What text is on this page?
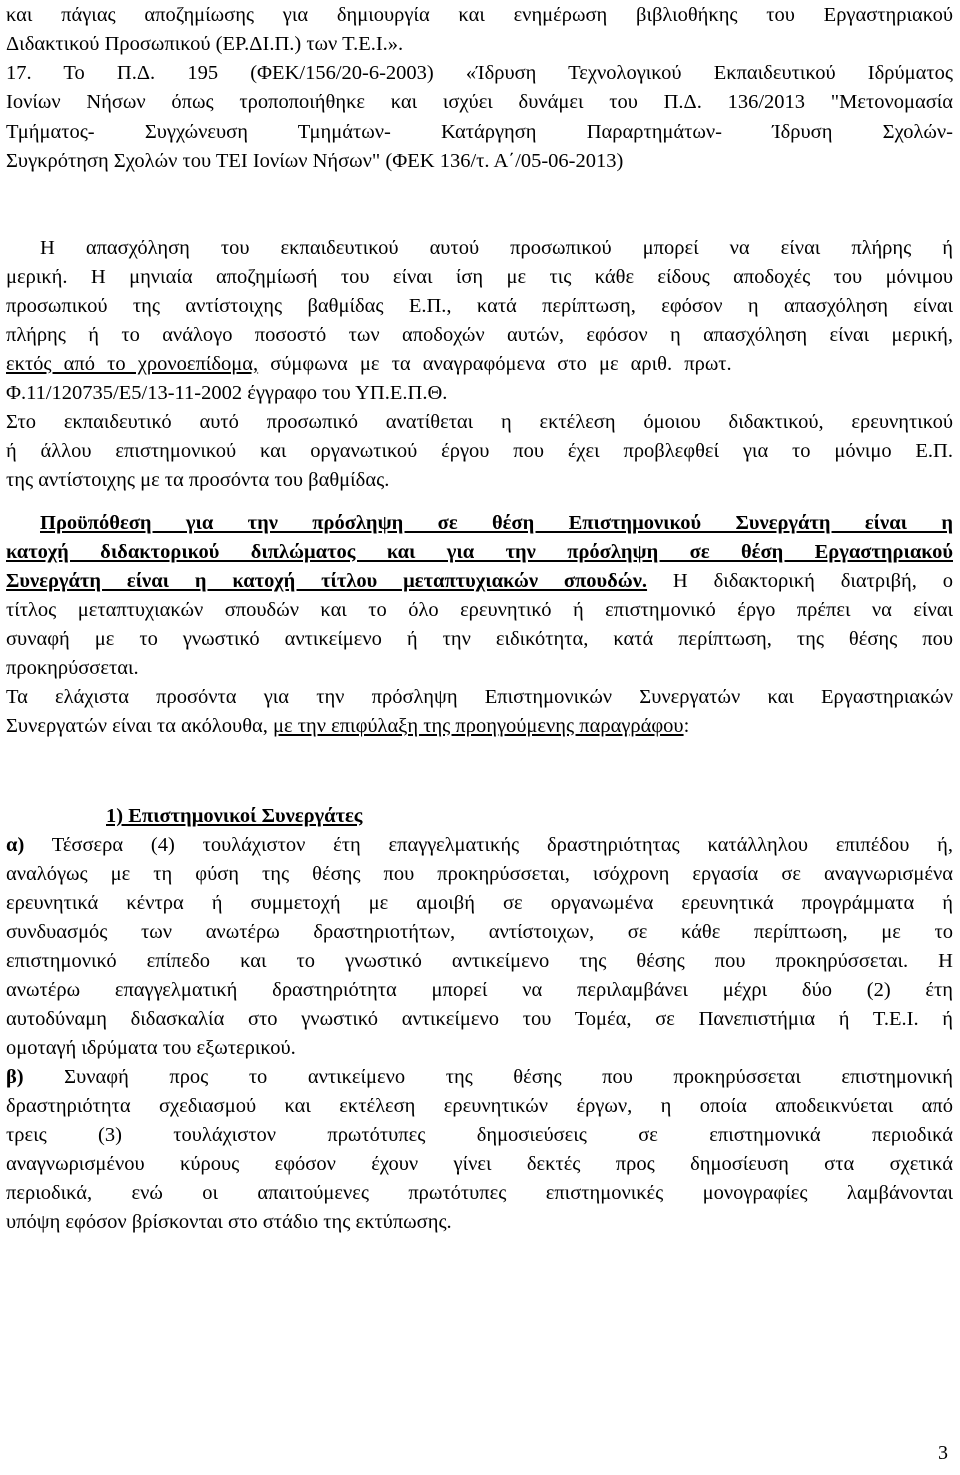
και πάγιας αποζημίωσης για δημιουργία και ενημέρωση βιβλιοθήκης του Εργαστηριακού
Διδακτικού Προσωπικού (ΕΡ.ΔΙ.Π.) των Τ.Ε.Ι.».
17. Το Π.Δ. 195 (ΦΕΚ/156/20-6-2003) «Ίδρυση Τεχνολογικού Εκπαιδευτικού Ιδρύματος
Ιονίων Νήσων όπως τροποποιήθηκε και ισχύει δυνάμει του Π.Δ. 136/2013 "Μετονομασία
Τμήματος- Συγχώνευση Τμημάτων- Κατάργηση Παραρτημάτων- Ίδρυση Σχολών-
Συγκρότηση Σχολών του ΤΕΙ Ιονίων Νήσων" (ΦΕΚ 136/τ. Α΄/05-06-2013)
Η απασχόληση του εκπαιδευτικού αυτού προσωπικού μπορεί να είναι πλήρης ή
μερική. Η μηνιαία αποζημίωσή του είναι ίση με τις κάθε είδους αποδοχές του μόνιμου
προσωπικού της αντίστοιχης βαθμίδας Ε.Π., κατά περίπτωση, εφόσον η απασχόληση είναι
πλήρης ή το ανάλογο ποσοστό των αποδοχών αυτών, εφόσον η απασχόληση είναι μερική,
εκτός από το χρονοεπίδομα, σύμφωνα με τα αναγραφόμενα στο με αριθ. πρωτ.
Φ.11/120735/Ε5/13-11-2002 έγγραφο του ΥΠ.Ε.Π.Θ.
Στο εκπαιδευτικό αυτό προσωπικό ανατίθεται η εκτέλεση όμοιου διδακτικού, ερευνητικού
ή άλλου επιστημονικού και οργανωτικού έργου που έχει προβλεφθεί για το μόνιμο Ε.Π.
της αντίστοιχης με τα προσόντα του βαθμίδας.
Προϋπόθεση για την πρόσληψη σε θέση Επιστημονικού Συνεργάτη είναι η
κατοχή διδακτορικού διπλώματος και για την πρόσληψη σε θέση Εργαστηριακού
Συνεργάτη είναι η κατοχή τίτλου μεταπτυχιακών σπουδών. Η διδακτορική διατριβή, ο
τίτλος μεταπτυχιακών σπουδών και το όλο ερευνητικό ή επιστημονικό έργο πρέπει να είναι
συναφή με το γνωστικό αντικείμενο ή την ειδικότητα, κατά περίπτωση, της θέσης που
προκηρύσσεται.
Τα ελάχιστα προσόντα για την πρόσληψη Επιστημονικών Συνεργατών και Εργαστηριακών
Συνεργατών είναι τα ακόλουθα, με την επιφύλαξη της προηγούμενης παραγράφου:
1) Επιστημονικοί Συνεργάτες
α) Τέσσερα (4) τουλάχιστον έτη επαγγελματικής δραστηριότητας κατάλληλου επιπέδου ή,
αναλόγως με τη φύση της θέσης που προκηρύσσεται, ισόχρονη εργασία σε αναγνωρισμένα
ερευνητικά κέντρα ή συμμετοχή με αμοιβή σε οργανωμένα ερευνητικά προγράμματα ή
συνδυασμός των ανωτέρω δραστηριοτήτων, αντίστοιχων, σε κάθε περίπτωση, με το
επιστημονικό επίπεδο και το γνωστικό αντικείμενο της θέσης που προκηρύσσεται. Η
ανωτέρω επαγγελματική δραστηριότητα μπορεί να περιλαμβάνει μέχρι δύο (2) έτη
αυτοδύναμη διδασκαλία στο γνωστικό αντικείμενο του Τομέα, σε Πανεπιστήμια ή Τ.Ε.Ι. ή
ομοταγή ιδρύματα του εξωτερικού.
β) Συναφή προς το αντικείμενο της θέσης που προκηρύσσεται επιστημονική
δραστηριότητα σχεδιασμού και εκτέλεση ερευνητικών έργων, η οποία αποδεικνύεται από
τρεις (3) τουλάχιστον πρωτότυπες δημοσιεύσεις σε επιστημονικά περιοδικά
αναγνωρισμένου κύρους εφόσον έχουν γίνει δεκτές προς δημοσίευση στα σχετικά
περιοδικά, ενώ οι απαιτούμενες πρωτότυπες επιστημονικές μονογραφίες λαμβάνονται
υπόψη εφόσον βρίσκονται στο στάδιο της εκτύπωσης.
3
